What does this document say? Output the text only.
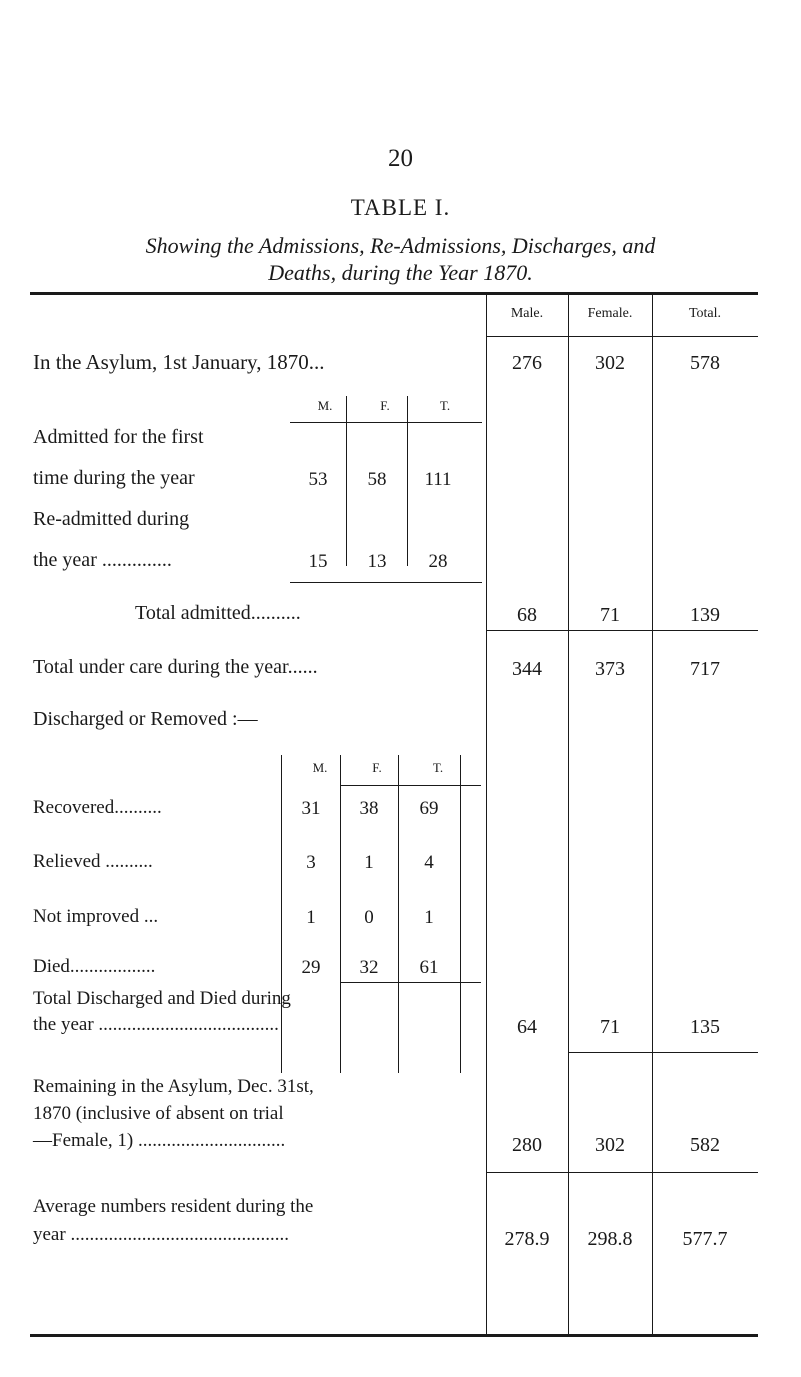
20
TABLE I.
Showing the Admissions, Re-Admissions, Discharges, and
Deaths, during the Year 1870.
Male.	Female.	Total.
In the Asylum, 1st January, 1870...	276	302	578
M.	F.	T.
Admitted for the first
time during the year	53	58	111
Re-admitted during
the year ..............	15	13	28
Total admitted..........	68	71	139
Total under care during the year......	344	373	717
Discharged or Removed :—
M.	F.	T.
Recovered..........	31	38	69
Relieved ..........	3	1	4
Not improved ...	1	0	1
Died..................	29	32	61
Total Discharged and Died during
the year ......................................	64	71	135
Remaining in the Asylum, Dec. 31st,
1870 (inclusive of absent on trial
—Female, 1) ...............................	280	302	582
Average numbers resident during the
year ..............................................	278.9	298.8	577.7
